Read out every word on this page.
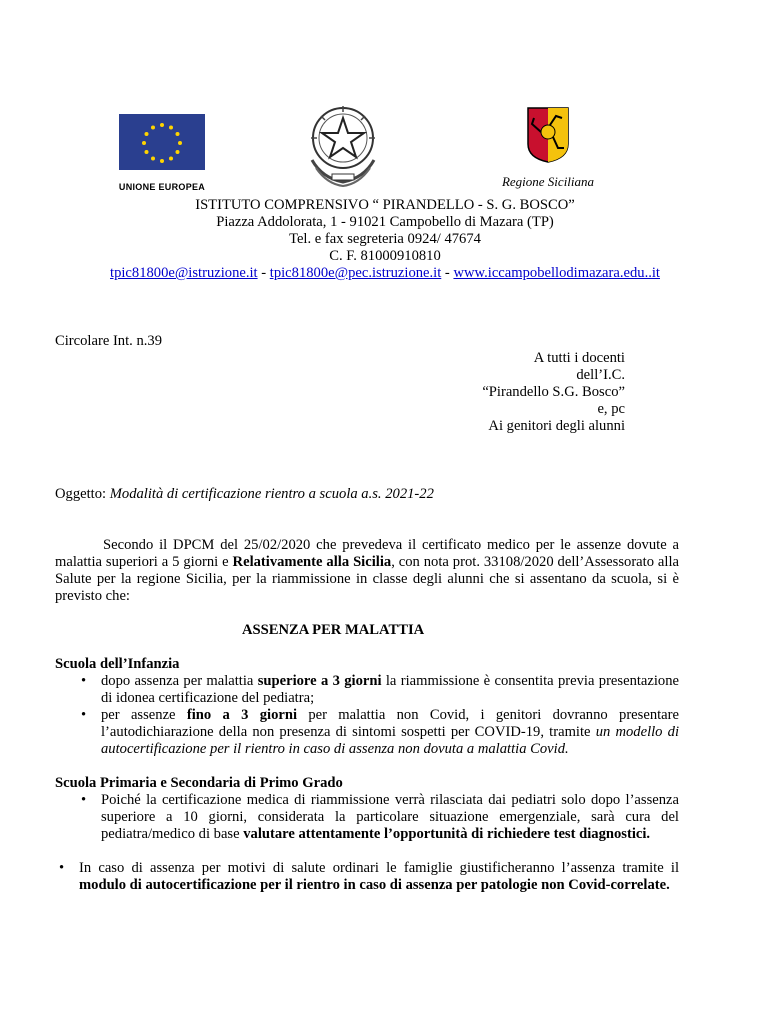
UNIONE EUROPEA	Regione Siciliana
ISTITUTO COMPRENSIVO “ PIRANDELLO - S. G. BOSCO”
Piazza Addolorata, 1 - 91021 Campobello di Mazara (TP)
Tel. e fax segreteria 0924/ 47674
C. F. 81000910810
tpic81800e@istruzione.it - tpic81800e@pec.istruzione.it - www.iccampobellodimazara.edu..it
Circolare Int. n.39
A tutti i docenti
dell’I.C.
“Pirandello S.G. Bosco”
e, pc
Ai genitori degli alunni
Oggetto: Modalità di certificazione rientro a scuola a.s. 2021-22
Secondo il DPCM del 25/02/2020 che prevedeva il certificato medico per le assenze dovute a malattia superiori a 5 giorni e Relativamente alla Sicilia, con nota prot. 33108/2020 dell’Assessorato alla Salute per la regione Sicilia, per la riammissione in classe degli alunni che si assentano da scuola, si è previsto che:
ASSENZA PER MALATTIA
Scuola dell’Infanzia
• dopo assenza per malattia superiore a 3 giorni la riammissione è consentita previa presentazione di idonea certificazione del pediatra;
• per assenze fino a 3 giorni per malattia non Covid, i genitori dovranno presentare l’autodichiarazione della non presenza di sintomi sospetti per COVID-19, tramite un modello di autocertificazione per il rientro in caso di assenza non dovuta a malattia Covid.
Scuola Primaria e Secondaria di Primo Grado
• Poiché la certificazione medica di riammissione verrà rilasciata dai pediatri solo dopo l’assenza superiore a 10 giorni, considerata la particolare situazione emergenziale, sarà cura del pediatra/medico di base valutare attentamente l’opportunità di richiedere test diagnostici.
• In caso di assenza per motivi di salute ordinari le famiglie giustificheranno l’assenza tramite il modulo di autocertificazione per il rientro in caso di assenza per patologie non Covid-correlate.
